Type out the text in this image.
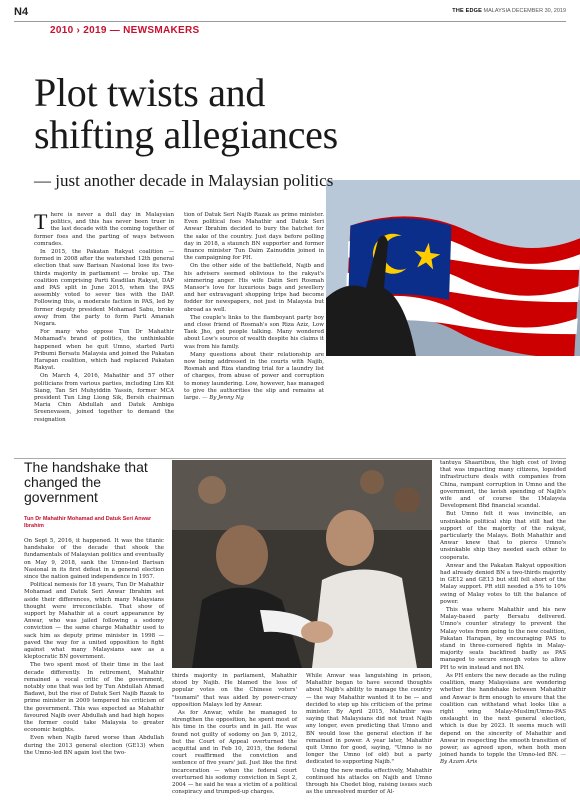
N4	THE EDGE MALAYSIA DECEMBER 30, 2019
2010 › 2019 — NEWSMAKERS
Plot twists and shifting allegiances
— just another decade in Malaysian politics

There is never a dull day in Malaysian politics, and this has never been truer in the last decade with the coming together of former foes and the parting of ways between comrades.

In 2015, the Pakatan Rakyat coalition — formed in 2008 after the watershed 12th general election that saw Barisan Nasional lose its two-thirds majority in parliament — broke up. The coalition comprising Parti Keadilan Rakyat, DAP and PAS split in June 2015, when the PAS assembly voted to sever ties with the DAP. Following this, a moderate faction in PAS, led by former deputy president Mohamad Sabu, broke away from the party to form Parti Amanah Negara.

For many who oppose Tun Dr Mahathir Mohamad's brand of politics, the unthinkable happened when he quit Umno, started Parti Pribumi Bersatu Malaysia and joined the Pakatan Harapan coalition, which had replaced Pakatan Rakyat.

On March 4, 2016, Mahathir and 57 other politicians from various parties, including Lim Kit Siang, Tan Sri Muhyiddin Yassin, former MCA president Tun Ling Liong Sik, Bersih chairman Maria Chin Abdullah and Datuk Ambiga Sreenevasen, joined together to demand the resignation

tion of Datuk Seri Najib Razak as prime minister. Even political foes Mahathir and Datuk Seri Anwar Ibrahim decided to bury the hatchet for the sake of the country. Just days before polling day in 2018, a staunch BN supporter and former finance minister Tun Daim Zainuddin joined in the campaigning for PH.

On the other side of the battlefield, Najib and his advisers seemed oblivious to the rakyat's simmering anger. His wife Datin Seri Rosmah Mansor's love for luxurious bags and jewellery and her extravagant shopping trips had become fodder for newspapers, not just in Malaysia but abroad as well.

The couple's links to the flamboyant party boy and close friend of Rosmah's son Riza Aziz, Low Taek Jho, got people talking. Many wondered about Low's source of wealth despite his claims it was from his family.

Many questions about their relationship are now being addressed in the courts with Najib, Rosmah and Riza standing trial for a laundry list of charges, from abuse of power and corruption to money laundering. Low, however, has managed to give the authorities the slip and remains at large. — By Jenny Ng

The handshake that changed the government
Tun Dr Mahathir Mohamad and Datuk Seri Anwar Ibrahim

On Sept 5, 2016, it happened. It was the titanic handshake of the decade that shook the fundamentals of Malaysian politics and eventually on May 9, 2018, sank the Umno-led Barisan Nasional in its first defeat in a general election since the nation gained independence in 1957.

Political nemesis for 18 years, Tun Dr Mahathir Mohamad and Datuk Seri Anwar Ibrahim set aside their differences, which many Malaysians thought were irreconcilable. That show of support by Mahathir at a court appearance by Anwar, who was jailed following a sodomy conviction — the same charge Mahathir used to sack him as deputy prime minister in 1998 — paved the way for a united opposition to fight against what many Malaysians saw as a kleptocratic BN government.

The two spent most of their time in the last decade differently. In retirement, Mahathir remained a vocal critic of the government, notably one that was led by Tun Abdullah Ahmad Badawi, but the rise of Datuk Seri Najib Razak to prime minister in 2009 tempered his criticism of the government. This was expected as Mahathir favoured Najib over Abdullah and had high hopes the former could take Malaysia to greater economic heights.

Even when Najib fared worse than Abdullah during the 2013 general election (GE13) when the Umno-led BN again lost the two-

thirds majority in parliament, Mahathir stood by Najib. He blamed the loss of popular votes on the Chinese voters' "tsunami" that was aided by power-crazy opposition Malays led by Anwar.

As for Anwar, while he managed to strengthen the opposition, he spent most of his time in the courts and in jail. He was found not guilty of sodomy on Jan 9, 2012, but the Court of Appeal overturned the acquittal and in Feb 10, 2015, the federal court reaffirmed the conviction and sentence of five years' jail. Just like the first incarceration — when the federal court overturned his sodomy conviction in Sept 2, 2004 — he said he was a victim of a political conspiracy and trumped-up charges.

While Anwar was languishing in prison, Mahathir began to have second thoughts about Najib's ability to manage the country — the way Mahathir wanted it to be — and decided to step up his criticism of the prime minister. By April 2015, Mahathir was saying that Malaysians did not trust Najib any longer, even predicting that Umno and BN would lose the general election if he remained in power. A year later, Mahathir quit Umno for good, saying, "Umno is no longer the Umno (of old) but a party dedicated to supporting Najib."

Using the new media effectively, Mahathir continued his attacks on Najib and Umno through his Chedet blog, raising issues such as the unresolved murder of Al-

tantuya Shaariibuu, the high cost of living that was impacting many citizens, lopsided infrastructure deals with companies from China, rampant corruption in Umno and the government, the lavish spending of Najib's wife and of course the 1Malaysia Development Bhd financial scandal.

But Umno felt it was invincible, an unsinkable political ship that still had the support of the majority of the rakyat, particularly the Malays. Both Mahathir and Anwar knew that to pierce Umno's unsinkable ship they needed each other to cooperate.

Anwar and the Pakatan Rakyat opposition had already denied BN a two-thirds majority in GE12 and GE13 but still fell short of the Malay support. PR still needed a 5% to 10% swing of Malay votes to tilt the balance of power.

This was where Mahathir and his new Malay-based party Bersatu delivered. Umno's counter strategy to prevent the Malay votes from going to the new coalition, Pakatan Harapan, by encouraging PAS to stand in three-cornered fights in Malay-majority seats backfired badly as PAS managed to secure enough votes to allow PH to win instead and not BN.

As PH enters the new decade as the ruling coalition, many Malaysians are wondering whether the handshake between Mahathir and Anwar is firm enough to ensure that the coalition can withstand what looks like a right wing Malay-Muslim/Umno-PAS onslaught in the next general election, which is due by 2023. It seems much will depend on the sincerity of Mahathir and Anwar in respecting the smooth transition of power, as agreed upon, when both men joined hands to topple the Umno-led BN. — By Azam Aris
